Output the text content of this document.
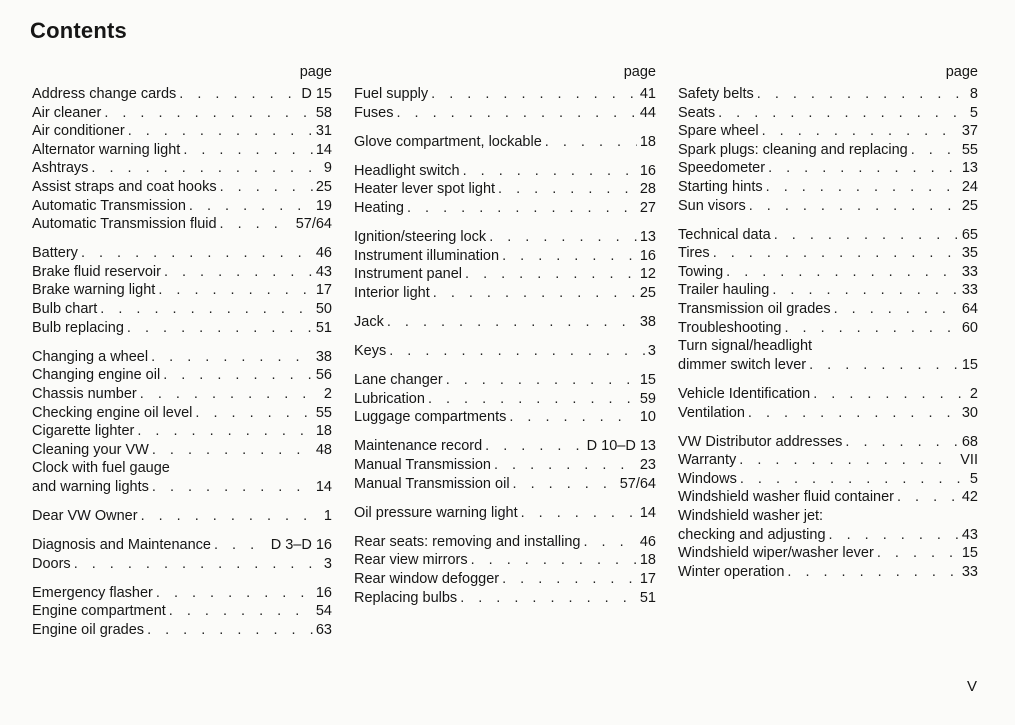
Contents
page
Address change cards . . .	D 15
Air cleaner . . .	58
Air conditioner . . .	31
Alternator warning light . . .	14
Ashtrays . . .	9
Assist straps and coat hooks . . .	25
Automatic Transmission . . .	19
Automatic Transmission fluid . . .	57/64
Battery . . .	46
Brake fluid reservoir . . .	43
Brake warning light . . .	17
Bulb chart . . .	50
Bulb replacing . . .	51
Changing a wheel . . .	38
Changing engine oil . . .	56
Chassis number . . .	2
Checking engine oil level . . .	55
Cigarette lighter . . .	18
Cleaning your VW . . .	48
Clock with fuel gauge
and warning lights . . .	14
Dear VW Owner . . .	1
Diagnosis and Maintenance . . .	D 3–D 16
Doors . . .	3
Emergency flasher . . .	16
Engine compartment . . .	54
Engine oil grades . . .	63
page
Fuel supply . . .	41
Fuses . . .	44
Glove compartment, lockable . . .	18
Headlight switch . . .	16
Heater lever spot light . . .	28
Heating . . .	27
Ignition/steering lock . . .	13
Instrument illumination . . .	16
Instrument panel . . .	12
Interior light . . .	25
Jack . . .	38
Keys . . .	3
Lane changer . . .	15
Lubrication . . .	59
Luggage compartments . . .	10
Maintenance record . . .	D 10–D 13
Manual Transmission . . .	23
Manual Transmission oil . . .	57/64
Oil pressure warning light . . .	14
Rear seats: removing and installing . . .	46
Rear view mirrors . . .	18
Rear window defogger . . .	17
Replacing bulbs . . .	51
page
Safety belts . . .	8
Seats . . .	5
Spare wheel . . .	37
Spark plugs: cleaning and replacing . . .	55
Speedometer . . .	13
Starting hints . . .	24
Sun visors . . .	25
Technical data . . .	65
Tires . . .	35
Towing . . .	33
Trailer hauling . . .	33
Transmission oil grades . . .	64
Troubleshooting . . .	60
Turn signal/headlight
dimmer switch lever . . .	15
Vehicle Identification . . .	2
Ventilation . . .	30
VW Distributor addresses . . .	68
Warranty . . .	VII
Windows . . .	5
Windshield washer fluid container . . .	42
Windshield washer jet:
checking and adjusting . . .	43
Windshield wiper/washer lever . . .	15
Winter operation . . .	33
V
